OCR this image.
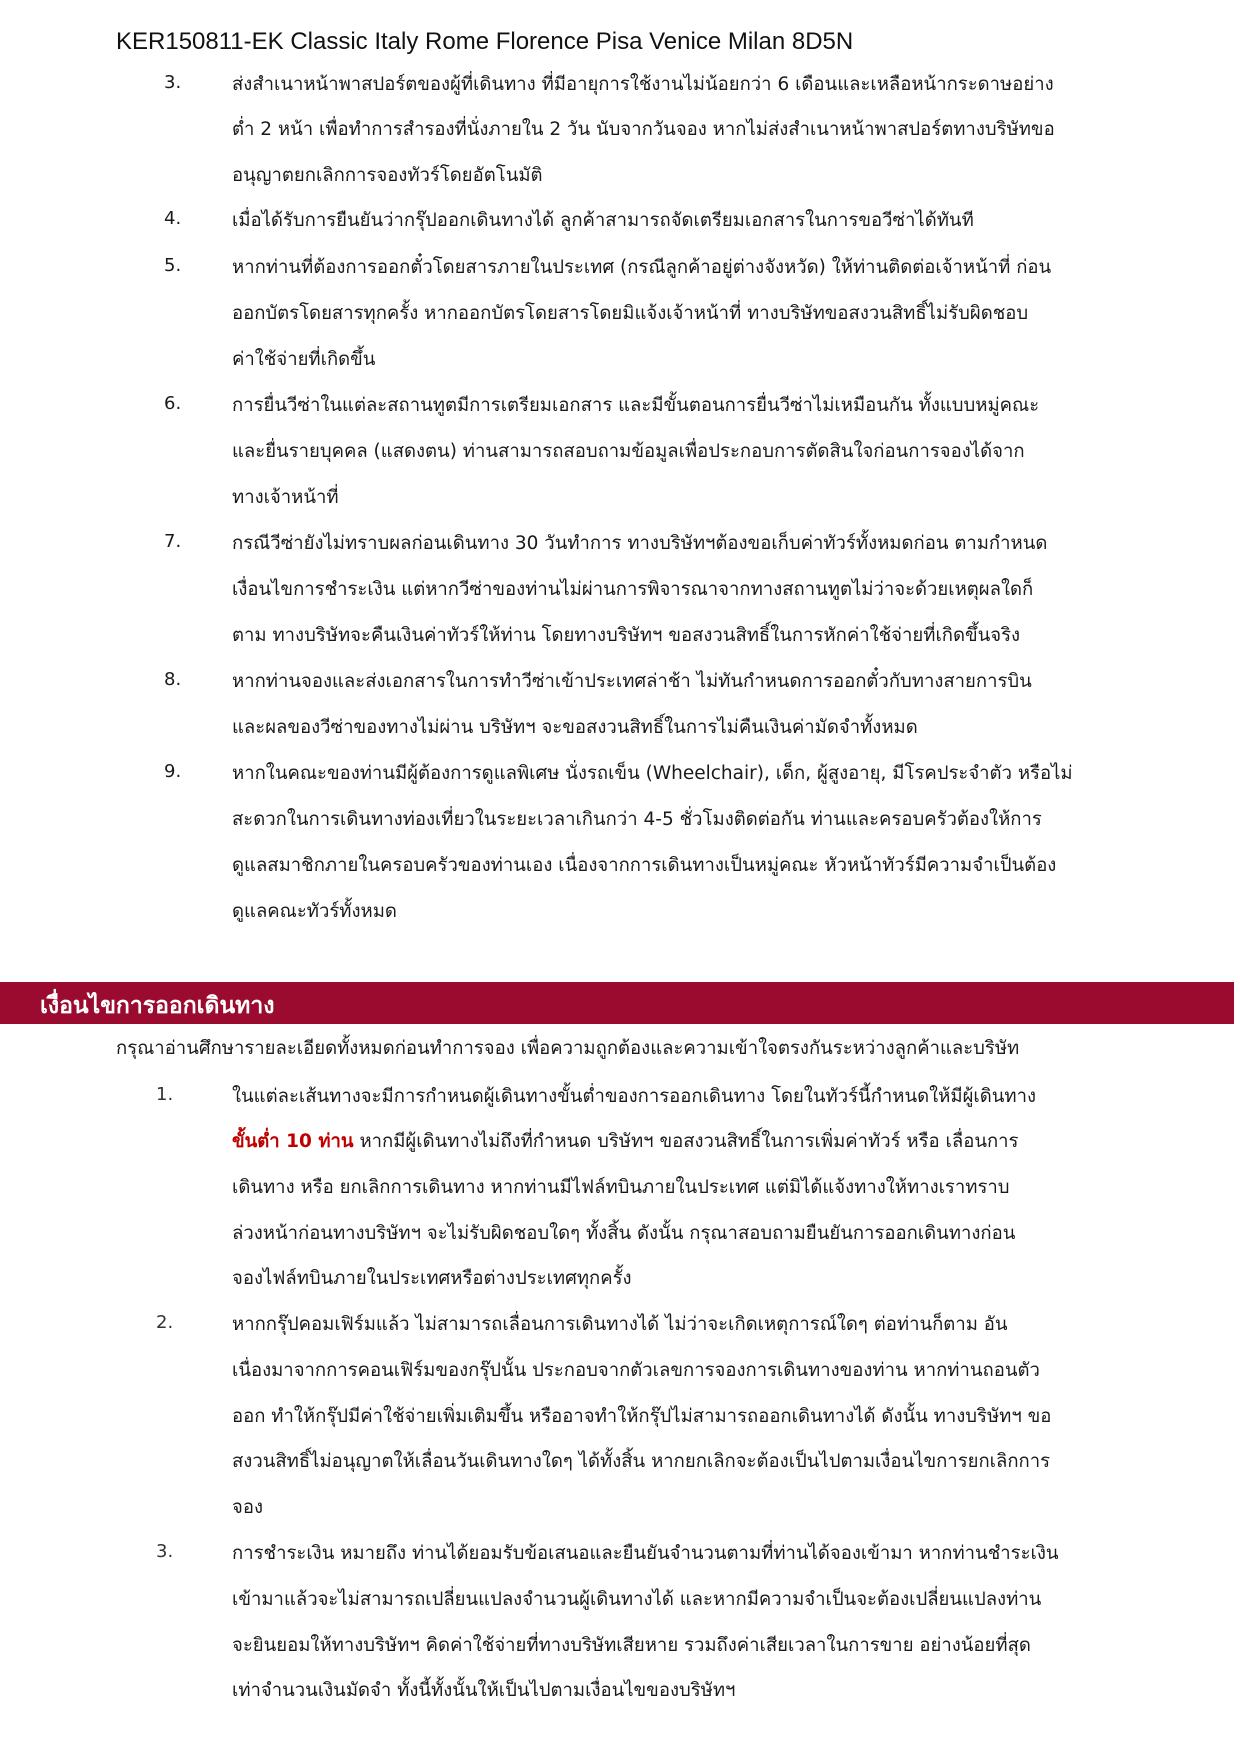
KER150811-EK Classic Italy Rome Florence Pisa Venice Milan 8D5N
3.	ส่งสำเนาหน้าพาสปอร์ตของผู้ที่เดินทาง ที่มีอายุการใช้งานไม่น้อยกว่า 6 เดือนและเหลือหน้ากระดาษอย่าง
ต่ำ 2 หน้า เพื่อทำการสำรองที่นั่งภายใน 2 วัน นับจากวันจอง หากไม่ส่งสำเนาหน้าพาสปอร์ตทางบริษัทขอ
อนุญาตยกเลิกการจองทัวร์โดยอัตโนมัติ
4.	เมื่อได้รับการยืนยันว่ากรุ๊ปออกเดินทางได้ ลูกค้าสามารถจัดเตรียมเอกสารในการขอวีซ่าได้ทันที
5.	หากท่านที่ต้องการออกตั๋วโดยสารภายในประเทศ (กรณีลูกค้าอยู่ต่างจังหวัด) ให้ท่านติดต่อเจ้าหน้าที่ ก่อน
ออกบัตรโดยสารทุกครั้ง หากออกบัตรโดยสารโดยมิแจ้งเจ้าหน้าที่ ทางบริษัทขอสงวนสิทธิ์ไม่รับผิดชอบ
ค่าใช้จ่ายที่เกิดขึ้น
6.	การยื่นวีซ่าในแต่ละสถานทูตมีการเตรียมเอกสาร และมีขั้นตอนการยื่นวีซ่าไม่เหมือนกัน ทั้งแบบหมู่คณะ
และยื่นรายบุคคล (แสดงตน) ท่านสามารถสอบถามข้อมูลเพื่อประกอบการตัดสินใจก่อนการจองได้จาก
ทางเจ้าหน้าที่
7.	กรณีวีซ่ายังไม่ทราบผลก่อนเดินทาง 30 วันทำการ ทางบริษัทฯต้องขอเก็บค่าทัวร์ทั้งหมดก่อน ตามกำหนด
เงื่อนไขการชำระเงิน แต่หากวีซ่าของท่านไม่ผ่านการพิจารณาจากทางสถานทูตไม่ว่าจะด้วยเหตุผลใดก็
ตาม ทางบริษัทจะคืนเงินค่าทัวร์ให้ท่าน โดยทางบริษัทฯ ขอสงวนสิทธิ์ในการหักค่าใช้จ่ายที่เกิดขึ้นจริง
8.	หากท่านจองและส่งเอกสารในการทำวีซ่าเข้าประเทศล่าช้า ไม่ทันกำหนดการออกตั๋วกับทางสายการบิน
และผลของวีซ่าของทางไม่ผ่าน บริษัทฯ จะขอสงวนสิทธิ์ในการไม่คืนเงินค่ามัดจำทั้งหมด
9.	หากในคณะของท่านมีผู้ต้องการดูแลพิเศษ นั่งรถเข็น (Wheelchair), เด็ก, ผู้สูงอายุ, มีโรคประจำตัว หรือไม่
สะดวกในการเดินทางท่องเที่ยวในระยะเวลาเกินกว่า 4-5 ชั่วโมงติดต่อกัน ท่านและครอบครัวต้องให้การ
ดูแลสมาชิกภายในครอบครัวของท่านเอง เนื่องจากการเดินทางเป็นหมู่คณะ หัวหน้าทัวร์มีความจำเป็นต้อง
ดูแลคณะทัวร์ทั้งหมด
เงื่อนไขการออกเดินทาง
กรุณาอ่านศึกษารายละเอียดทั้งหมดก่อนทำการจอง เพื่อความถูกต้องและความเข้าใจตรงกันระหว่างลูกค้าและบริษัท
1.	ในแต่ละเส้นทางจะมีการกำหนดผู้เดินทางขั้นต่ำของการออกเดินทาง โดยในทัวร์นี้กำหนดให้มีผู้เดินทาง
ขั้นต่ำ 10 ท่าน หากมีผู้เดินทางไม่ถึงที่กำหนด บริษัทฯ ขอสงวนสิทธิ์ในการเพิ่มค่าทัวร์ หรือ เลื่อนการ
เดินทาง หรือ ยกเลิกการเดินทาง หากท่านมีไฟล์ทบินภายในประเทศ แต่มิได้แจ้งทางให้ทางเราทราบ
ล่วงหน้าก่อนทางบริษัทฯ จะไม่รับผิดชอบใดๆ ทั้งสิ้น ดังนั้น กรุณาสอบถามยืนยันการออกเดินทางก่อน
จองไฟล์ทบินภายในประเทศหรือต่างประเทศทุกครั้ง
2.	หากกรุ๊ปคอมเฟิร์มแล้ว ไม่สามารถเลื่อนการเดินทางได้ ไม่ว่าจะเกิดเหตุการณ์ใดๆ ต่อท่านก็ตาม อัน
เนื่องมาจากการคอนเฟิร์มของกรุ๊ปนั้น ประกอบจากตัวเลขการจองการเดินทางของท่าน หากท่านถอนตัว
ออก ทำให้กรุ๊ปมีค่าใช้จ่ายเพิ่มเติมขึ้น หรืออาจทำให้กรุ๊ปไม่สามารถออกเดินทางได้ ดังนั้น ทางบริษัทฯ ขอ
สงวนสิทธิ์ไม่อนุญาตให้เลื่อนวันเดินทางใดๆ ได้ทั้งสิ้น หากยกเลิกจะต้องเป็นไปตามเงื่อนไขการยกเลิกการ
จอง
3.	การชำระเงิน หมายถึง ท่านได้ยอมรับข้อเสนอและยืนยันจำนวนตามที่ท่านได้จองเข้ามา หากท่านชำระเงิน
เข้ามาแล้วจะไม่สามารถเปลี่ยนแปลงจำนวนผู้เดินทางได้ และหากมีความจำเป็นจะต้องเปลี่ยนแปลงท่าน
จะยินยอมให้ทางบริษัทฯ คิดค่าใช้จ่ายที่ทางบริษัทเสียหาย รวมถึงค่าเสียเวลาในการขาย อย่างน้อยที่สุด
เท่าจำนวนเงินมัดจำ ทั้งนี้ทั้งนั้นให้เป็นไปตามเงื่อนไขของบริษัทฯ
